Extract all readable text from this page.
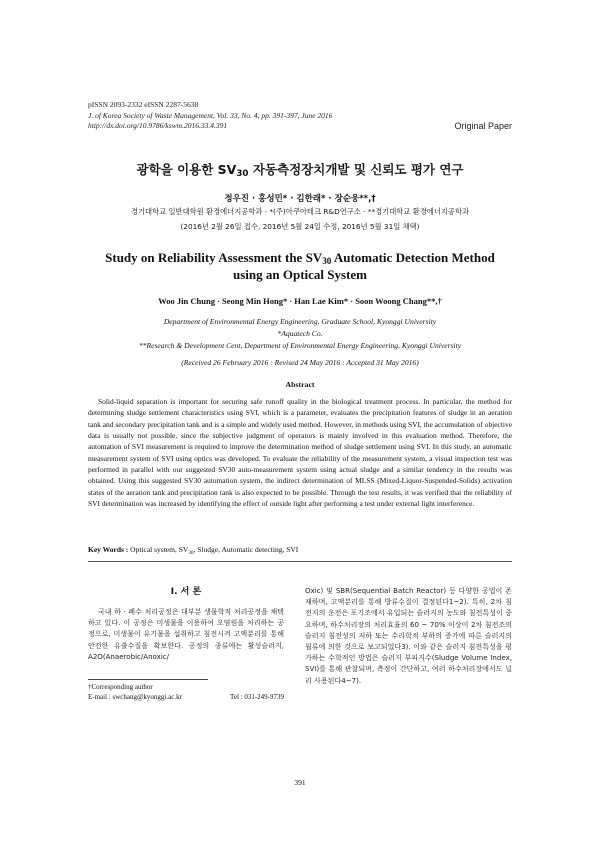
pISSN 2093-2332 eISSN 2287-5638
J. of Korea Society of Waste Management, Vol. 33, No. 4, pp. 391-397, June 2016
http://dx.doi.org/10.9786/kswm.2016.33.4.391	Original Paper
광학을 이용한 $SV_{30}$ 자동측정장치개발 및 신뢰도 평가 연구
정우진 · 홍성민* · 김한래* · 장순웅**,†
경기대학교 일반대학원 환경에너지공학과 · *(주)아쿠아테크 R&D연구소 · **경기대학교 환경에너지공학과
(2016년 2월 26일 접수, 2016년 5월 24일 수정, 2016년 5월 31일 채택)
Study on Reliability Assessment the $SV_{30}$ Automatic Detection Method
using an Optical System
Woo Jin Chung · Seong Min Hong* · Han Lae Kim* · Soon Woong Chang**,†
Department of Environmental Energy Engineering, Graduate School, Kyonggi University
*Aquatech Co.
**Research & Development Cent, Department of Environmental Energy Engineering, Kyonggi University
(Received 26 February 2016 : Revised 24 May 2016 : Accepted 31 May 2016)
Abstract
Solid-liquid separation is important for securing safe runoff quality in the biological treatment process. In particular, the method for determining sludge settlement characteristics using SVI, which is a parameter, evaluates the precipitation features of sludge in an aeration tank and secondary precipitation tank and is a simple and widely used method. However, in methods using SVI, the accumulation of objective data is usually not possible, since the subjective judgment of operators is mainly involved in this evaluation method. Therefore, the automation of SVI measurement is required to improve the determination method of sludge settlement using SVI. In this study, an automatic measurement system of SVI using optics was developed. To evaluate the reliability of the measurement system, a visual inspection test was performed in parallel with our suggested SV30 auto-measurement system using actual sludge and a similar tendency in the results was obtained. Using this suggested SV30 automation system, the indirect determination of MLSS (Mixed-Liquor-Suspended-Solids) activation states of the aeration tank and precipitation tank is also expected to be possible. Through the test results, it was verified that the reliability of SVI determination was increased by identifying the effect of outside light after performing a test under external light interference.
Key Words : Optical system, $SV_{30}$, Sludge, Automatic detecting, SVI
I. 서 론
국내 하 · 폐수 처리공정은 대부분 생물학적 처리공정을 채택하고 있다. 이 공정은 미생물을 이용하여 오염원을 처리하는 공정으로, 미생물이 유기물을 섭취하고 침전시켜 고액분리를 통해 안전한 유출수질을 확보한다. 공정의 종류에는 활성슬러지, A2O(Anaerobic/Anoxic/
Oxic) 및 SBR(Sequential Batch Reactor) 등 다양한 공법이 존재하며, 고액분리를 통해 방류수질이 결정된다1~2). 특히, 2차 침전지의 운전은 포기조에서 유입되는 슬러지의 농도와 침전특성이 중요하며, 하수처리장의 처리효율의 60 ~ 70% 이상이 2차 침전조의 슬러지 침전성의 저하 또는 수리학적 부하의 증가에 따른 슬러지의 월류에 의한 것으로 보고되었다3). 이와 같은 슬러지 침전특성을 평가하는 수학적인 방법은 슬러지 부피지수(Sludge Volume Index, SVI)를 통해 관찰되며, 측정이 간단하고, 여러 하수처리장에서도 널리 사용된다4~7).
†Corresponding author
E-mail : swchang@kyonggi.ac.kr	Tel : 031-249-9739
391
